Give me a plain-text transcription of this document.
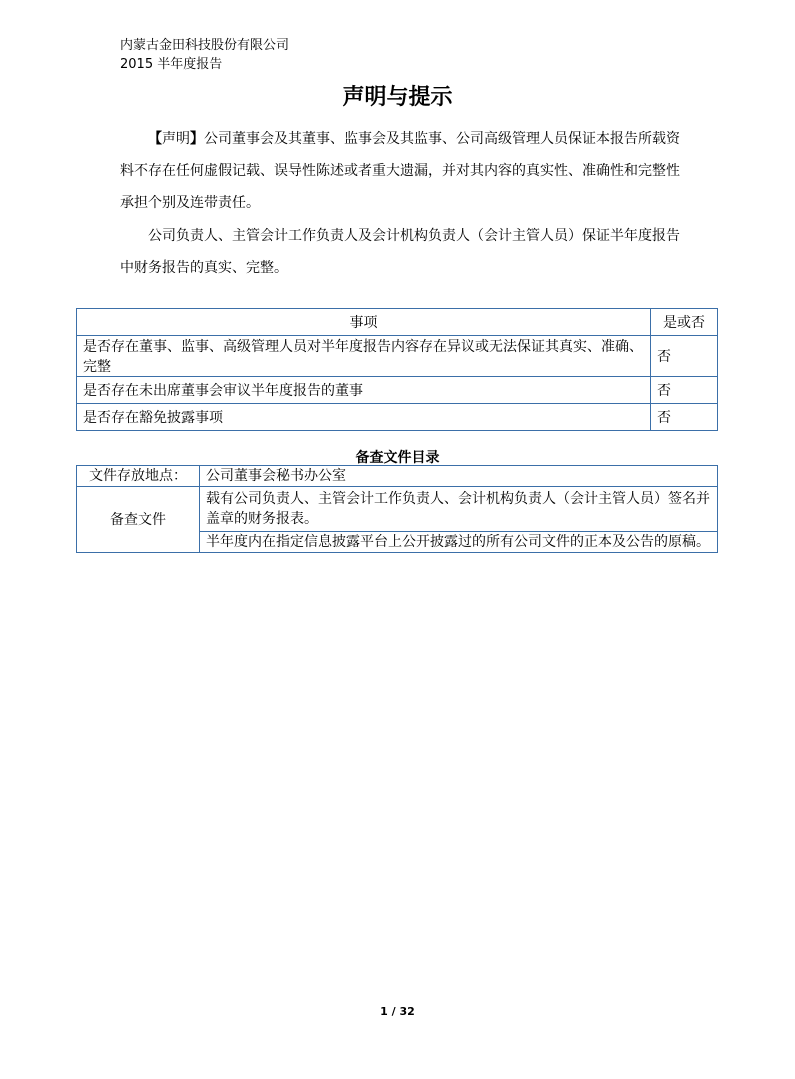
内蒙古金田科技股份有限公司
2015 半年度报告
声明与提示
【声明】公司董事会及其董事、监事会及其监事、公司高级管理人员保证本报告所载资料不存在任何虚假记载、误导性陈述或者重大遗漏，并对其内容的真实性、准确性和完整性承担个别及连带责任。
公司负责人、主管会计工作负责人及会计机构负责人（会计主管人员）保证半年度报告中财务报告的真实、完整。
事项	是或否
是否存在董事、监事、高级管理人员对半年度报告内容存在异议或无法保证其真实、准确、完整	否
是否存在未出席董事会审议半年度报告的董事	否
是否存在豁免披露事项	否
备查文件目录
文件存放地点：	公司董事会秘书办公室
备查文件	载有公司负责人、主管会计工作负责人、会计机构负责人（会计主管人员）签名并盖章的财务报表。
	半年度内在指定信息披露平台上公开披露过的所有公司文件的正本及公告的原稿。
1 / 32
